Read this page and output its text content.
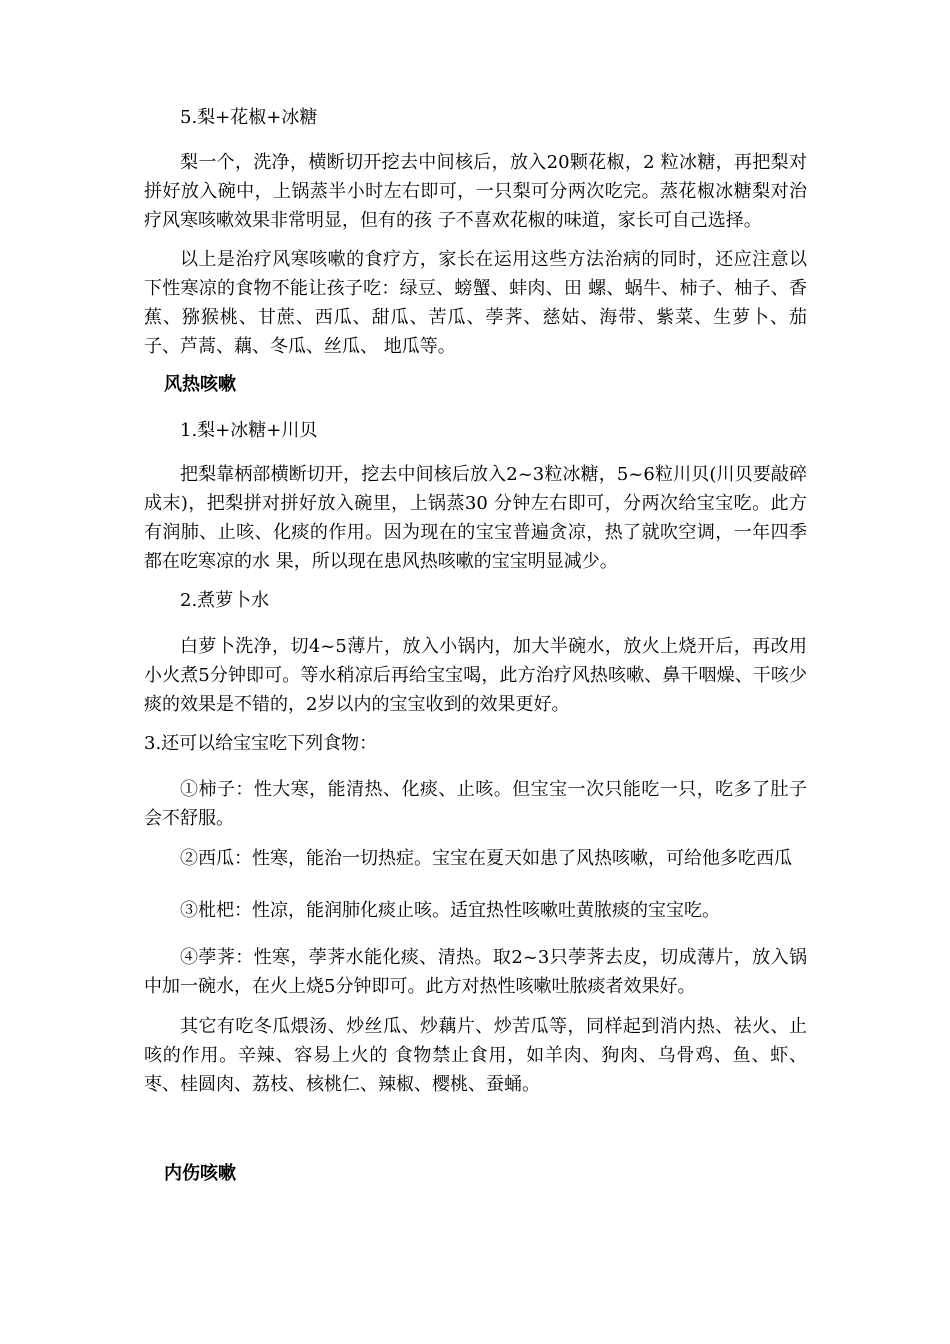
5.梨+花椒+冰糖

梨一个，洗净，横断切开挖去中间核后，放入20颗花椒，2 粒冰糖，再把梨对拼好放入碗中，上锅蒸半小时左右即可，一只梨可分两次吃完。蒸花椒冰糖梨对治疗风寒咳嗽效果非常明显，但有的孩 子不喜欢花椒的味道，家长可自己选择。

以上是治疗风寒咳嗽的食疗方，家长在运用这些方法治病的同时，还应注意以下性寒凉的食物不能让孩子吃：绿豆、螃蟹、蚌肉、田 螺、蜗牛、柿子、柚子、香蕉、猕猴桃、甘蔗、西瓜、甜瓜、苦瓜、荸荠、慈姑、海带、紫菜、生萝卜、茄子、芦蒿、藕、冬瓜、丝瓜、 地瓜等。

风热咳嗽

1.梨+冰糖+川贝

把梨靠柄部横断切开，挖去中间核后放入2~3粒冰糖，5~6粒川贝(川贝要敲碎成末)，把梨拼对拼好放入碗里，上锅蒸30 分钟左右即可，分两次给宝宝吃。此方有润肺、止咳、化痰的作用。因为现在的宝宝普遍贪凉，热了就吹空调，一年四季都在吃寒凉的水 果，所以现在患风热咳嗽的宝宝明显减少。

2.煮萝卜水

白萝卜洗净，切4~5薄片，放入小锅内，加大半碗水，放火上烧开后，再改用小火煮5分钟即可。等水稍凉后再给宝宝喝，此方治疗风热咳嗽、鼻干咽燥、干咳少痰的效果是不错的，2岁以内的宝宝收到的效果更好。

3.还可以给宝宝吃下列食物：

①柿子：性大寒，能清热、化痰、止咳。但宝宝一次只能吃一只，吃多了肚子会不舒服。

②西瓜：性寒，能治一切热症。宝宝在夏天如患了风热咳嗽，可给他多吃西瓜

③枇杷：性凉，能润肺化痰止咳。适宜热性咳嗽吐黄脓痰的宝宝吃。

④荸荠：性寒，荸荠水能化痰、清热。取2~3只荸荠去皮，切成薄片，放入锅中加一碗水，在火上烧5分钟即可。此方对热性咳嗽吐脓痰者效果好。

其它有吃冬瓜煨汤、炒丝瓜、炒藕片、炒苦瓜等，同样起到消内热、祛火、止咳的作用。辛辣、容易上火的 食物禁止食用，如羊肉、狗肉、乌骨鸡、鱼、虾、枣、桂圆肉、荔枝、核桃仁、辣椒、樱桃、蚕蛹。

内伤咳嗽
